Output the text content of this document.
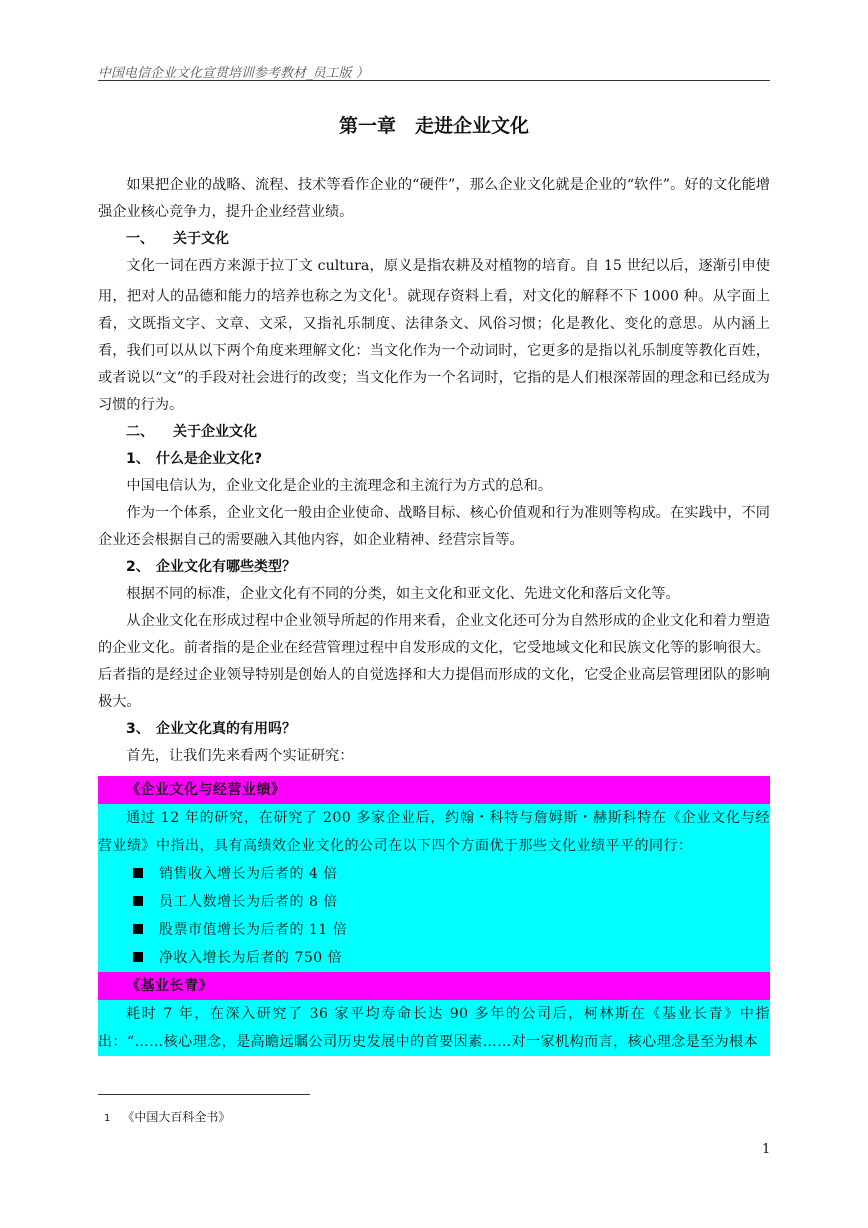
中国电信企业文化宣贯培训参考教材_员工版 ）
第一章　走进企业文化

如果把企业的战略、流程、技术等看作企业的“硬件”，那么企业文化就是企业的“软件”。好的文化能增强企业核心竞争力，提升企业经营业绩。

一、 关于文化

文化一词在西方来源于拉丁文 cultura，原义是指农耕及对植物的培育。自 15 世纪以后，逐渐引申使用，把对人的品德和能力的培养也称之为文化$^1$。就现存资料上看，对文化的解释不下 1000 种。从字面上看，文既指文字、文章、文采，又指礼乐制度、法律条文、风俗习惯；化是教化、变化的意思。从内涵上看，我们可以从以下两个角度来理解文化：当文化作为一个动词时，它更多的是指以礼乐制度等教化百姓，或者说以“文”的手段对社会进行的改变；当文化作为一个名词时，它指的是人们根深蒂固的理念和已经成为习惯的行为。

二、 关于企业文化

1、 什么是企业文化?

中国电信认为，企业文化是企业的主流理念和主流行为方式的总和。

作为一个体系，企业文化一般由企业使命、战略目标、核心价值观和行为准则等构成。在实践中，不同企业还会根据自己的需要融入其他内容，如企业精神、经营宗旨等。

2、 企业文化有哪些类型？

根据不同的标准，企业文化有不同的分类，如主文化和亚文化、先进文化和落后文化等。

从企业文化在形成过程中企业领导所起的作用来看，企业文化还可分为自然形成的企业文化和着力塑造的企业文化。前者指的是企业在经营管理过程中自发形成的文化，它受地域文化和民族文化等的影响很大。后者指的是经过企业领导特别是创始人的自觉选择和大力提倡而形成的文化，它受企业高层管理团队的影响极大。

3、 企业文化真的有用吗？

首先，让我们先来看两个实证研究：

《企业文化与经营业绩》
通过 12 年的研究，在研究了 200 多家企业后，约翰・科特与詹姆斯・赫斯科特在《企业文化与经营业绩》中指出，具有高绩效企业文化的公司在以下四个方面优于那些文化业绩平平的同行：
销售收入增长为后者的 4 倍
员工人数增长为后者的 8 倍
股票市值增长为后者的 11 倍
净收入增长为后者的 750 倍
《基业长青》
耗时 7 年，在深入研究了 36 家平均寿命长达 90 多年的公司后，柯林斯在《基业长青》中指出：“……核心理念，是高瞻远瞩公司历史发展中的首要因素……对一家机构而言，核心理念是至为根本
1 《中国大百科全书》
1
